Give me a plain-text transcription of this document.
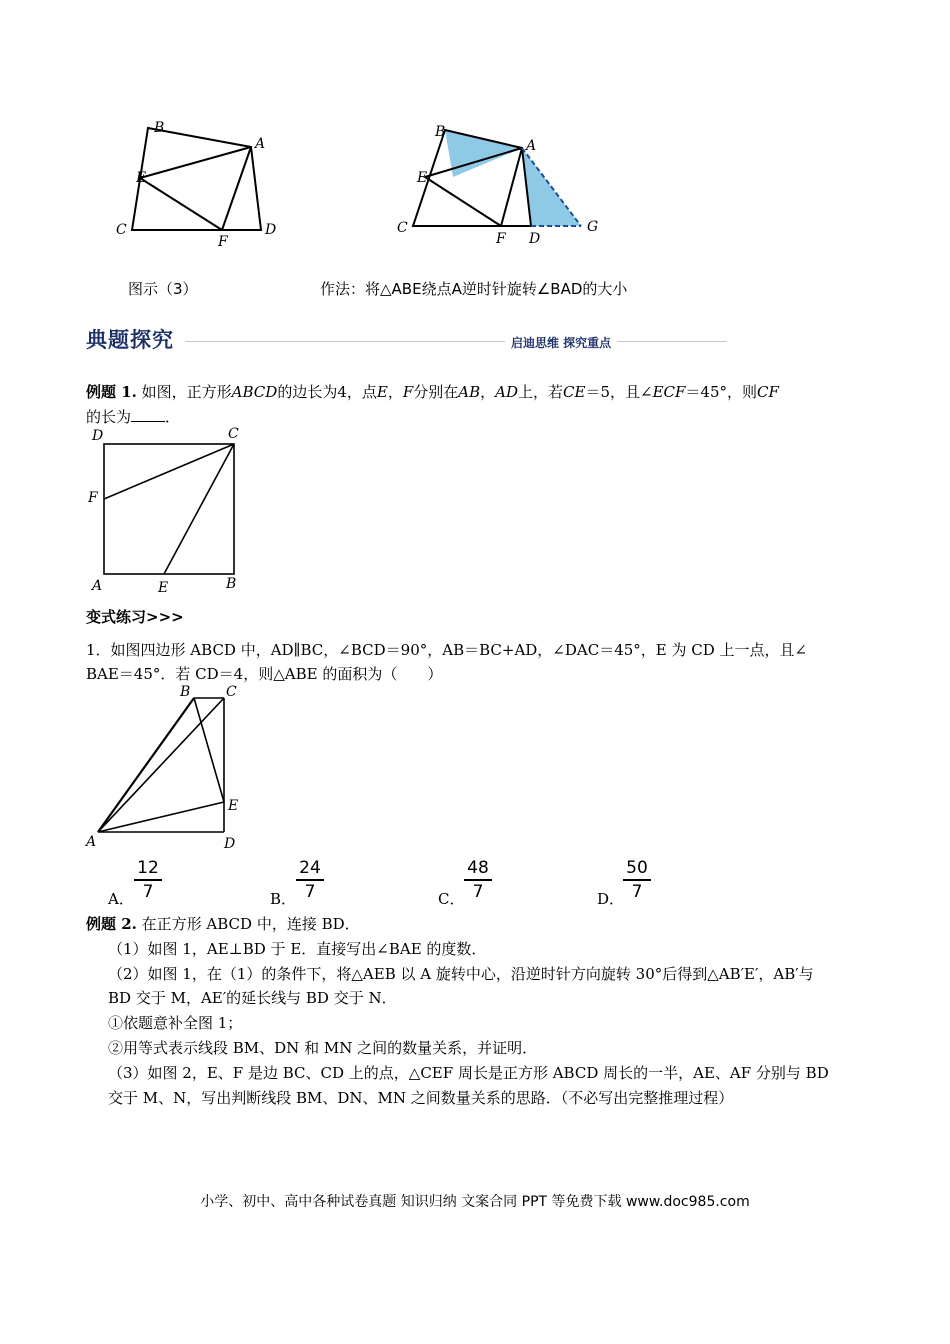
B
A
E
C
F
D
B
A
E
C
F D
G
图示（3）	作法：将△ABE绕点A逆时针旋转∠BAD的大小
典题探究	启迪思维 探究重点
例题 1. 如图，正方形ABCD的边长为4，点E，F分别在AB，AD上，若CE＝5，且∠ECF＝45°，则CF
的长为 ．
D	C
F
A	E	B
变式练习>>>
1．如图四边形 ABCD 中，AD∥BC，∠BCD＝90°，AB＝BC+AD，∠DAC＝45°，E 为 CD 上一点，且∠
BAE＝45°．若 CD＝4，则△ABE 的面积为（　　）
B	C
E
A	D
A．
12
7	B．
24
7	C．
48
7	D．
50
7
例题 2. 在正方形 ABCD 中，连接 BD．
（1）如图 1，AE⊥BD 于 E．直接写出∠BAE 的度数．
（2）如图 1，在（1）的条件下，将△AEB 以 A 旋转中心，沿逆时针方向旋转 30°后得到△AB′E′，AB′与
BD 交于 M，AE′的延长线与 BD 交于 N．
①依题意补全图 1；
②用等式表示线段 BM、DN 和 MN 之间的数量关系，并证明．
（3）如图 2，E、F 是边 BC、CD 上的点，△CEF 周长是正方形 ABCD 周长的一半，AE、AF 分别与 BD
交于 M、N，写出判断线段 BM、DN、MN 之间数量关系的思路．（不必写出完整推理过程）
小学、初中、高中各种试卷真题 知识归纳 文案合同 PPT 等免费下载 www.doc985.com
